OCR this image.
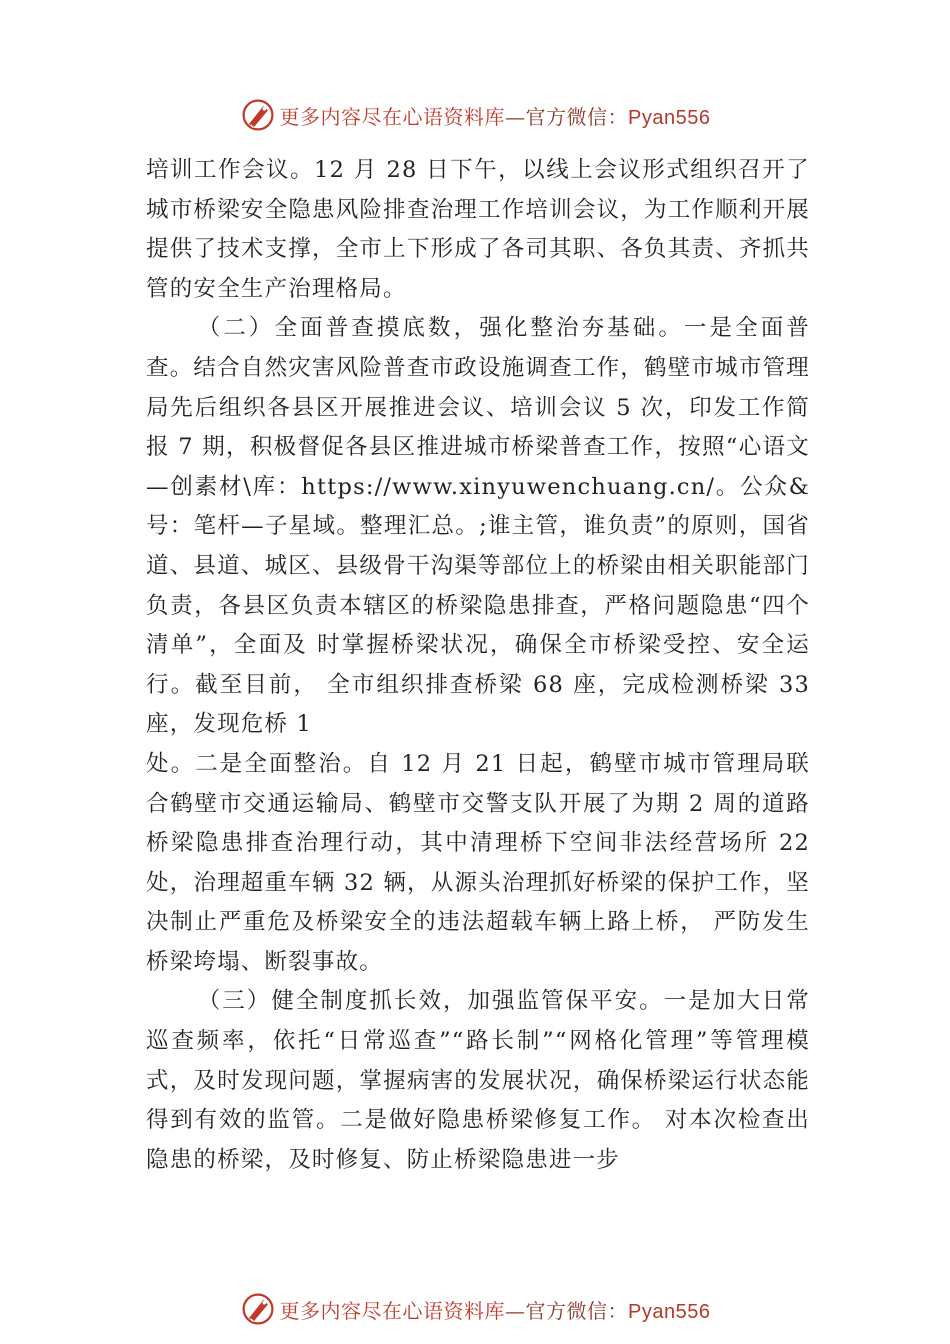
更多内容尽在心语资料库—官方微信：Pyan556

培训工作会议。12 月 28 日下午，以线上会议形式组织召开了城市桥梁安全隐患风险排查治理工作培训会议，为工作顺利开展提供了技术支撑，全市上下形成了各司其职、各负其责、齐抓共管的安全生产治理格局。

（二）全面普查摸底数，强化整治夯基础。一是全面普查。结合自然灾害风险普查市政设施调查工作，鹤壁市城市管理局先后组织各县区开展推进会议、培训会议 5 次，印发工作简报 7 期，积极督促各县区推进城市桥梁普查工作，按照“心语文—创素材\库：https://www.xinyuwenchuang.cn/。公众&号：笔杆—子星域。整理汇总。;谁主管，谁负责”的原则，国省道、县道、城区、县级骨干沟渠等部位上的桥梁由相关职能部门负责，各县区负责本辖区的桥梁隐患排查，严格问题隐患“四个清单”，全面及 时掌握桥梁状况，确保全市桥梁受控、安全运行。截至目前， 全市组织排查桥梁 68 座，完成检测桥梁 33 座，发现危桥 1

处。二是全面整治。自 12 月 21 日起，鹤壁市城市管理局联合鹤壁市交通运输局、鹤壁市交警支队开展了为期 2 周的道路桥梁隐患排查治理行动，其中清理桥下空间非法经营场所 22 处，治理超重车辆 32 辆，从源头治理抓好桥梁的保护工作，坚决制止严重危及桥梁安全的违法超载车辆上路上桥， 严防发生桥梁垮塌、断裂事故。

（三）健全制度抓长效，加强监管保平安。一是加大日常巡查频率，依托“日常巡查”“路长制”“网格化管理”等管理模式，及时发现问题，掌握病害的发展状况，确保桥梁运行状态能得到有效的监管。二是做好隐患桥梁修复工作。 对本次检查出隐患的桥梁，及时修复、防止桥梁隐患进一步

更多内容尽在心语资料库—官方微信：Pyan556
